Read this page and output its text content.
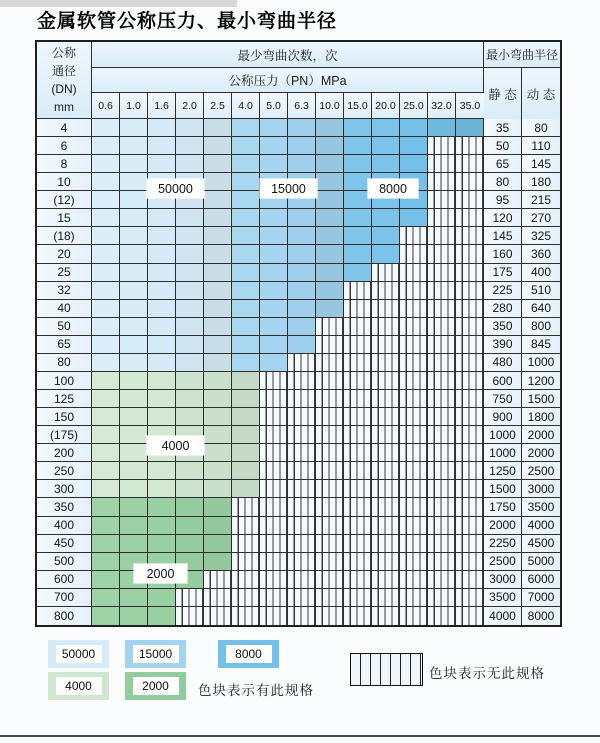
金属软管公称压力、最小弯曲半径
公称
通径
(DN)
mm
最少弯曲次数，次	最小弯曲半径
公称压力（PN）MPa
静 态 动 态
0.6	1.0	1.6	2.0	2.5	4.0	5.0	6.3 10.0 15.0 20.0 25.0 32.0 35.0
4	35	80
6	50	110
8	65	145
10	80	180
(12)	95	215
15	120	270
(18)	145	325
20	160	360
25	175	400
32	225	510
40	280	640
50	350	800
65	390	845
80	480	1000
100	600	1200
125	750	1500
150	900	1800
(175)	1000 2000
200	1000 2000
250	1250 2500
300	1500 3000
350	1750 3500
400	2000 4000
450	2250 4500
500	2500 5000
600	3000 6000
700	3500 7000
800	4000 8000
50000	15000	8000
4000
2000
50000	15000	8000
4000	2000	色块表示有此规格
色块表示无此规格
